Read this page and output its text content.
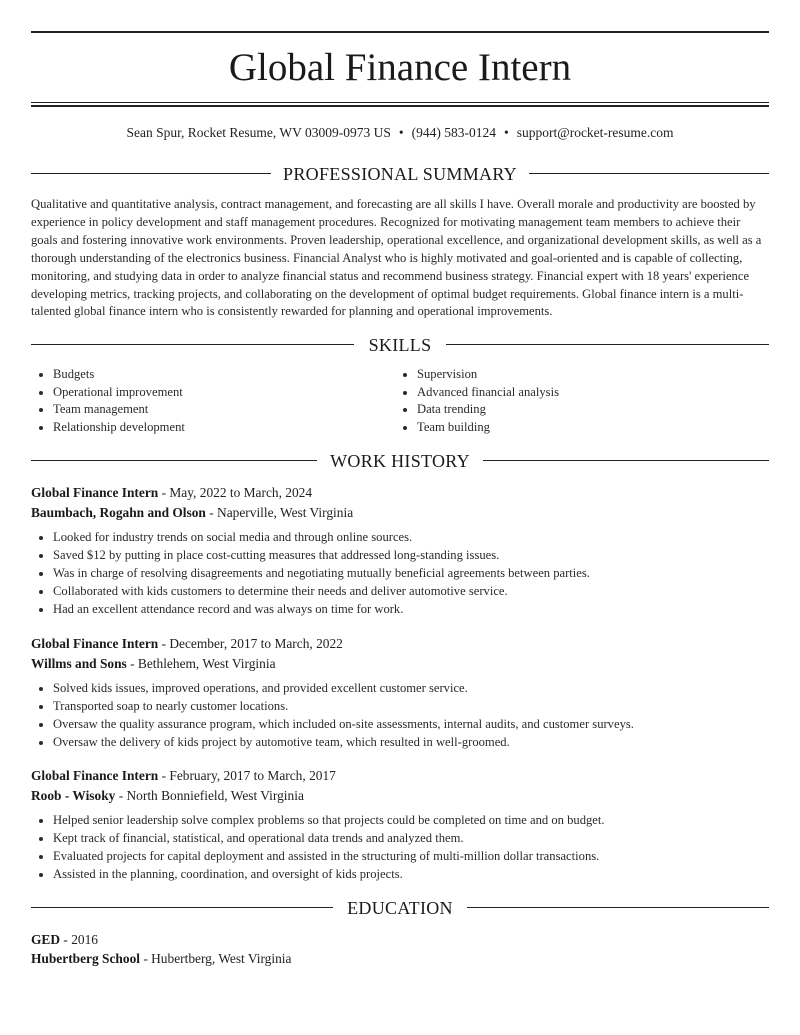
Global Finance Intern
Sean Spur, Rocket Resume, WV 03009-0973 US • (944) 583-0124 • support@rocket-resume.com
PROFESSIONAL SUMMARY

Qualitative and quantitative analysis, contract management, and forecasting are all skills I have. Overall morale and productivity are boosted by experience in policy development and staff management procedures. Recognized for motivating management team members to achieve their goals and fostering innovative work environments. Proven leadership, operational excellence, and organizational development skills, as well as a thorough understanding of the electronics business. Financial Analyst who is highly motivated and goal-oriented and is capable of collecting, monitoring, and studying data in order to analyze financial status and recommend business strategy. Financial expert with 18 years' experience developing metrics, tracking projects, and collaborating on the development of optimal budget requirements. Global finance intern is a multi-talented global finance intern who is consistently rewarded for planning and operational improvements.

SKILLS
• Budgets
• Operational improvement
• Team management
• Relationship development
• Supervision
• Advanced financial analysis
• Data trending
• Team building
WORK HISTORY
Global Finance Intern - May, 2022 to March, 2024
Baumbach, Rogahn and Olson - Naperville, West Virginia
• Looked for industry trends on social media and through online sources.
• Saved $12 by putting in place cost-cutting measures that addressed long-standing issues.
• Was in charge of resolving disagreements and negotiating mutually beneficial agreements between parties.
• Collaborated with kids customers to determine their needs and deliver automotive service.
• Had an excellent attendance record and was always on time for work.
Global Finance Intern - December, 2017 to March, 2022
Willms and Sons - Bethlehem, West Virginia
• Solved kids issues, improved operations, and provided excellent customer service.
• Transported soap to nearly customer locations.
• Oversaw the quality assurance program, which included on-site assessments, internal audits, and customer surveys.
• Oversaw the delivery of kids project by automotive team, which resulted in well-groomed.
Global Finance Intern - February, 2017 to March, 2017
Roob - Wisoky - North Bonniefield, West Virginia
• Helped senior leadership solve complex problems so that projects could be completed on time and on budget.
• Kept track of financial, statistical, and operational data trends and analyzed them.
• Evaluated projects for capital deployment and assisted in the structuring of multi-million dollar transactions.
• Assisted in the planning, coordination, and oversight of kids projects.
EDUCATION
GED - 2016
Hubertberg School - Hubertberg, West Virginia
